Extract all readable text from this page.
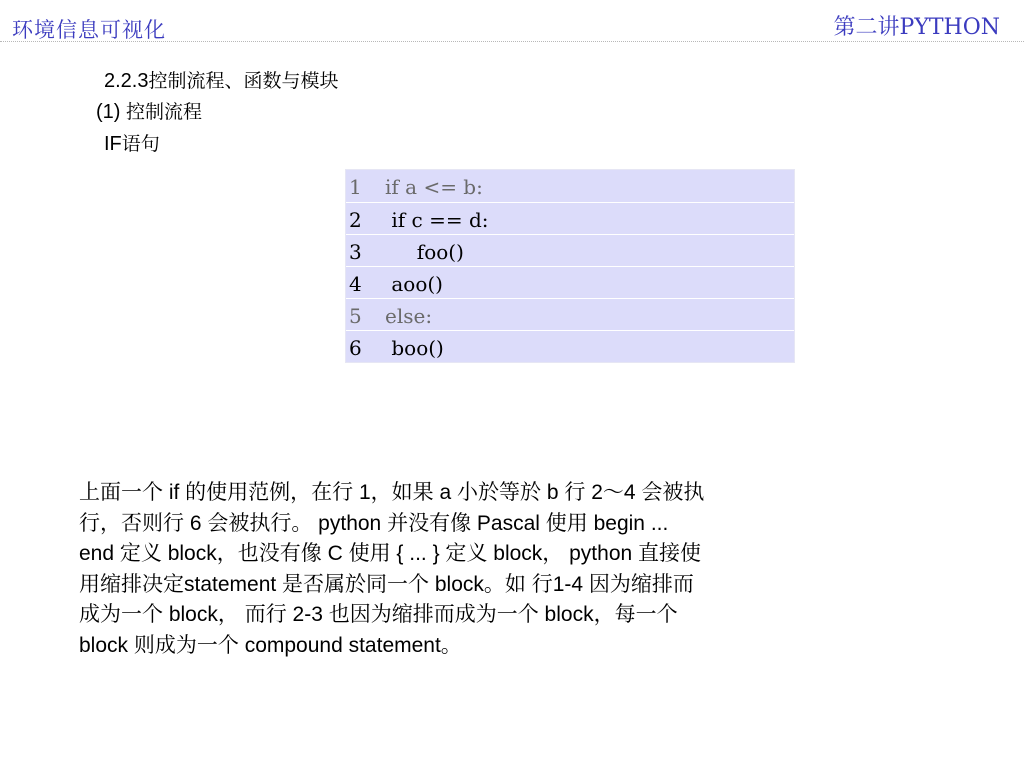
环境信息可视化	第二讲PYTHON
2.2.3控制流程、函数与模块
(1) 控制流程
IF语句
1 if a <= b:
2 if c == d:
3     foo()
4 aoo()
5 else:
6 boo()
上面一个 if 的使用范例，在行 1，如果 a 小於等於 b 行 2～4 会被执
行，否则行 6 会被执行。 python 并没有像 Pascal 使用 begin ...
end 定义 block，也没有像 C 使用 { ... } 定义 block， python 直接使
用缩排决定statement 是否属於同一个 block。如 行1-4 因为缩排而
成为一个 block， 而行 2-3 也因为缩排而成为一个 block，每一个
block 则成为一个 compound statement。
